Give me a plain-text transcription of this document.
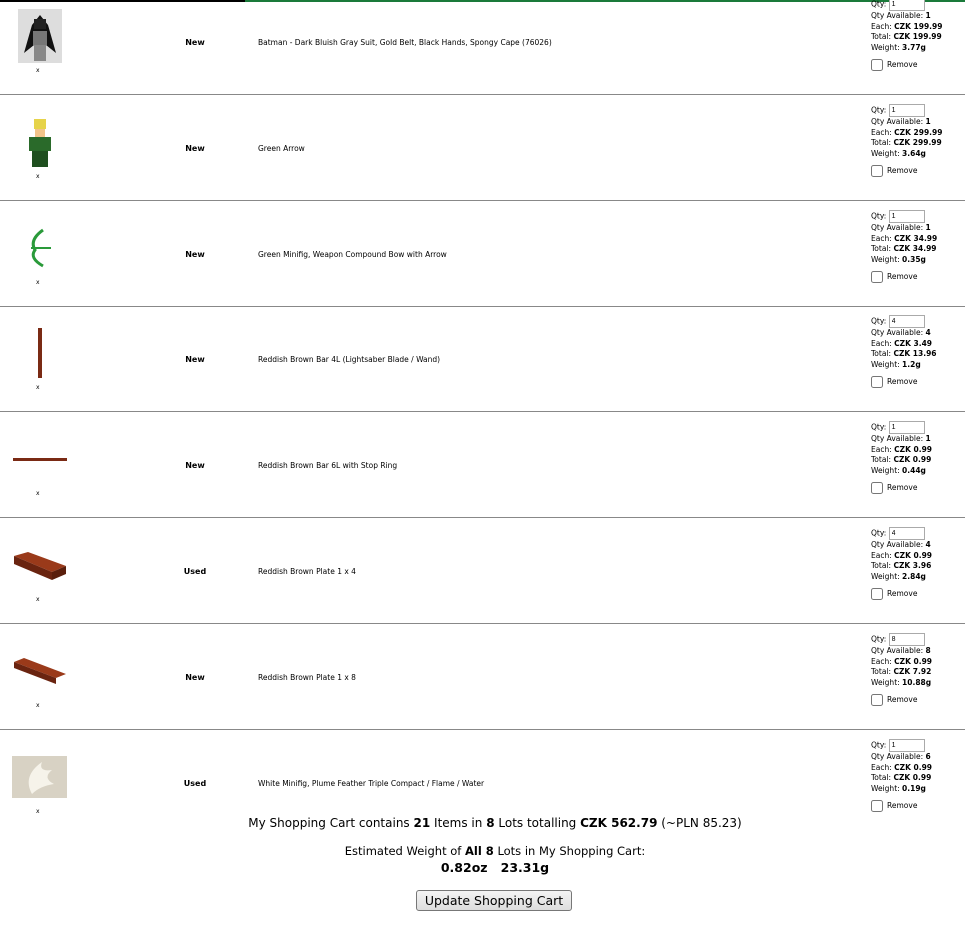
x
New	Batman - Dark Bluish Gray Suit, Gold Belt, Black Hands, Spongy Cape (76026)
Qty: 1
Qty Available: 1
Each: CZK 199.99
Total: CZK 199.99
Weight: 3.77g
Remove
x
New	Green Arrow
Qty: 1
Qty Available: 1
Each: CZK 299.99
Total: CZK 299.99
Weight: 3.64g
Remove
x
New	Green Minifig, Weapon Compound Bow with Arrow
Qty: 1
Qty Available: 1
Each: CZK 34.99
Total: CZK 34.99
Weight: 0.35g
Remove
x
New	Reddish Brown Bar 4L (Lightsaber Blade / Wand)
Qty: 4
Qty Available: 4
Each: CZK 3.49
Total: CZK 13.96
Weight: 1.2g
Remove
x
New	Reddish Brown Bar 6L with Stop Ring
Qty: 1
Qty Available: 1
Each: CZK 0.99
Total: CZK 0.99
Weight: 0.44g
Remove
x
Used	Reddish Brown Plate 1 x 4
Qty: 4
Qty Available: 4
Each: CZK 0.99
Total: CZK 3.96
Weight: 2.84g
Remove
x
New	Reddish Brown Plate 1 x 8
Qty: 8
Qty Available: 8
Each: CZK 0.99
Total: CZK 7.92
Weight: 10.88g
Remove
x
Used	White Minifig, Plume Feather Triple Compact / Flame / Water
Qty: 1
Qty Available: 6
Each: CZK 0.99
Total: CZK 0.99
Weight: 0.19g
Remove
My Shopping Cart contains 21 Items in 8 Lots totalling CZK 562.79 (~PLN 85.23)
Estimated Weight of All 8 Lots in My Shopping Cart:
0.82oz 23.31g
Update Shopping Cart
